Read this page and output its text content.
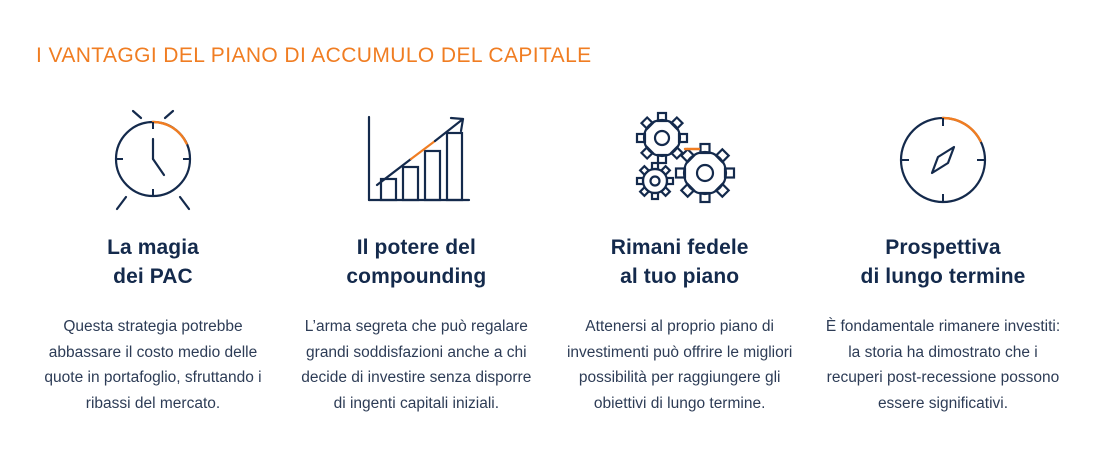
I VANTAGGI DEL PIANO DI ACCUMULO DEL CAPITALE
La magia
dei PAC
Questa strategia potrebbe abbassare il costo medio delle quote in portafoglio, sfruttando i ribassi del mercato.
Il potere del
compounding
L’arma segreta che può regalare grandi soddisfazioni anche a chi decide di investire senza disporre di ingenti capitali iniziali.
Rimani fedele
al tuo piano
Attenersi al proprio piano di investimenti può offrire le migliori possibilità per raggiungere gli obiettivi di lungo termine.
Prospettiva
di lungo termine
È fondamentale rimanere investiti: la storia ha dimostrato che i recuperi post-recessione possono essere significativi.
